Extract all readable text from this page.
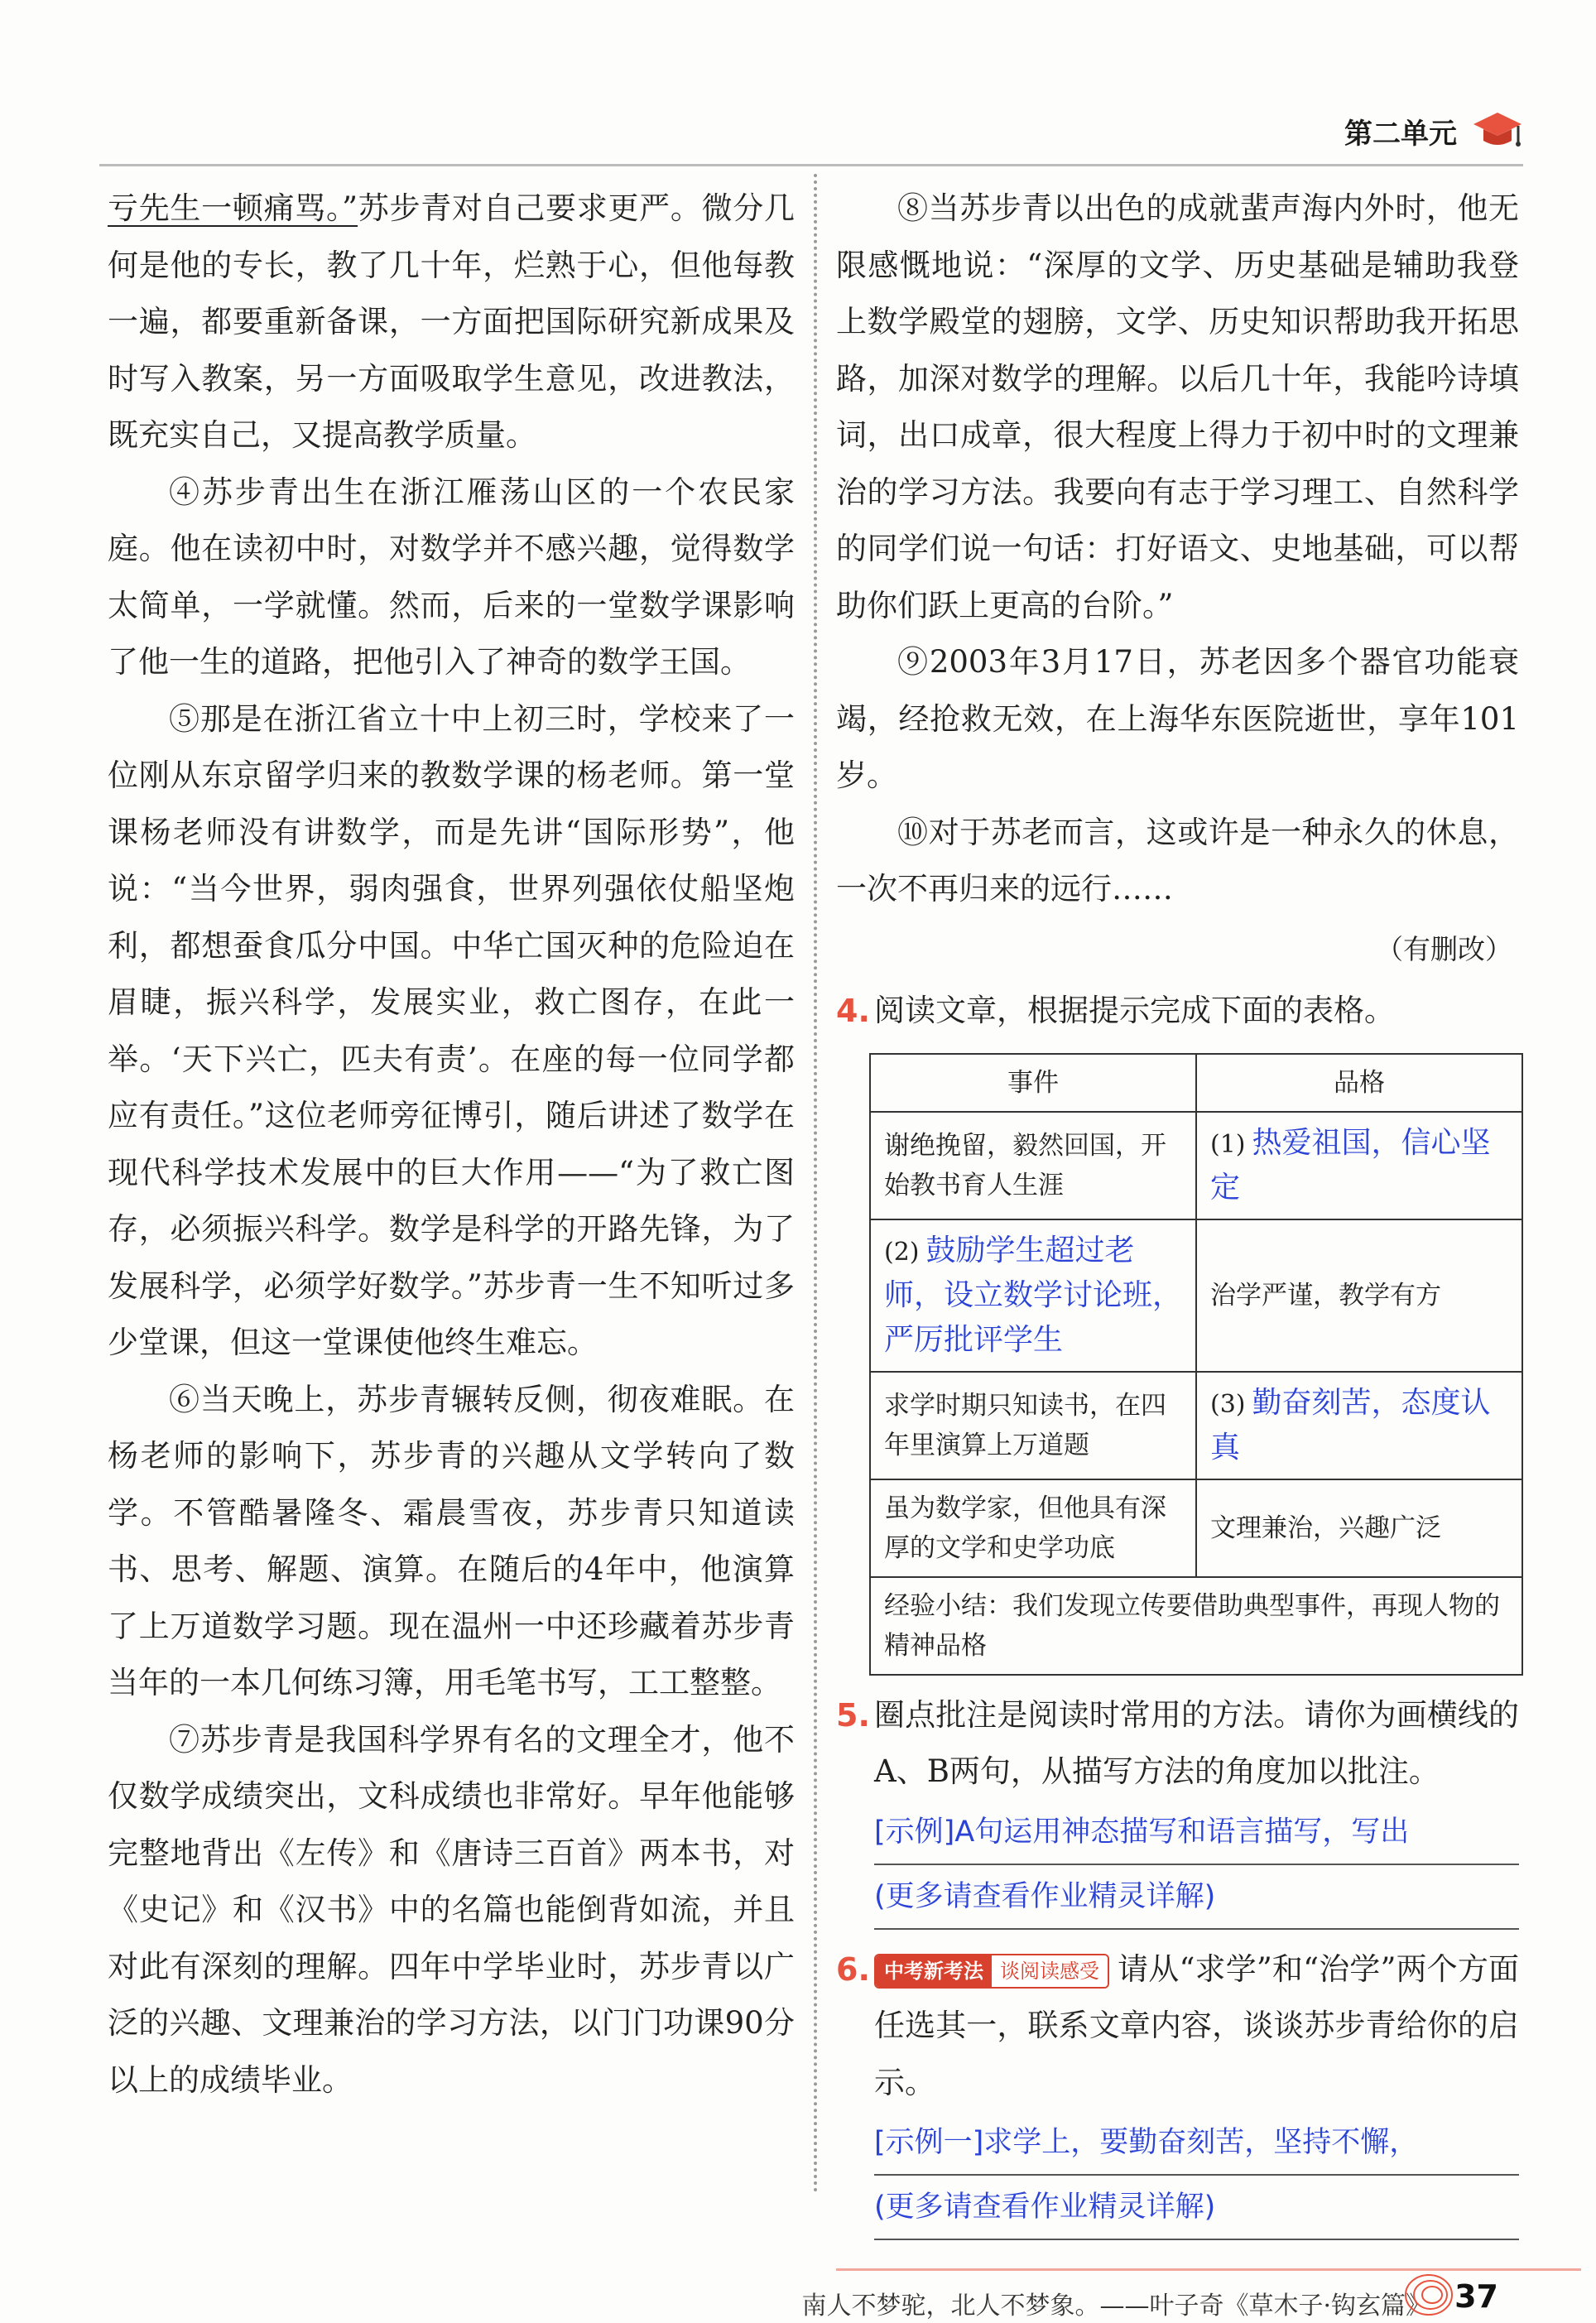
第二单元

亏先生一顿痛骂。”苏步青对自己要求更严。微分几何是他的专长，教了几十年，烂熟于心，但他每教一遍，都要重新备课，一方面把国际研究新成果及时写入教案，另一方面吸取学生意见，改进教法，既充实自己，又提高教学质量。

④苏步青出生在浙江雁荡山区的一个农民家庭。他在读初中时，对数学并不感兴趣，觉得数学太简单，一学就懂。然而，后来的一堂数学课影响了他一生的道路，把他引入了神奇的数学王国。

⑤那是在浙江省立十中上初三时，学校来了一位刚从东京留学归来的教数学课的杨老师。第一堂课杨老师没有讲数学，而是先讲“国际形势”，他说：“当今世界，弱肉强食，世界列强依仗船坚炮利，都想蚕食瓜分中国。中华亡国灭种的危险迫在眉睫，振兴科学，发展实业，救亡图存，在此一举。‘天下兴亡，匹夫有责’。在座的每一位同学都应有责任。”这位老师旁征博引，随后讲述了数学在现代科学技术发展中的巨大作用——“为了救亡图存，必须振兴科学。数学是科学的开路先锋，为了发展科学，必须学好数学。”苏步青一生不知听过多少堂课，但这一堂课使他终生难忘。

⑥当天晚上，苏步青辗转反侧，彻夜难眠。在杨老师的影响下，苏步青的兴趣从文学转向了数学。不管酷暑隆冬、霜晨雪夜，苏步青只知道读书、思考、解题、演算。在随后的4年中，他演算了上万道数学习题。现在温州一中还珍藏着苏步青当年的一本几何练习簿，用毛笔书写，工工整整。

⑦苏步青是我国科学界有名的文理全才，他不仅数学成绩突出，文科成绩也非常好。早年他能够完整地背出《左传》和《唐诗三百首》两本书，对《史记》和《汉书》中的名篇也能倒背如流，并且对此有深刻的理解。四年中学毕业时，苏步青以广泛的兴趣、文理兼治的学习方法，以门门功课90分以上的成绩毕业。

⑧当苏步青以出色的成就蜚声海内外时，他无限感慨地说：“深厚的文学、历史基础是辅助我登上数学殿堂的翅膀，文学、历史知识帮助我开拓思路，加深对数学的理解。以后几十年，我能吟诗填词，出口成章，很大程度上得力于初中时的文理兼治的学习方法。我要向有志于学习理工、自然科学的同学们说一句话：打好语文、史地基础，可以帮助你们跃上更高的台阶。”

⑨2003年3月17日，苏老因多个器官功能衰竭，经抢救无效，在上海华东医院逝世，享年101岁。

⑩对于苏老而言，这或许是一种永久的休息，一次不再归来的远行……

（有删改）
4. 阅读文章，根据提示完成下面的表格。
事件	品格
谢绝挽留，毅然回国，开始教书育人生涯	(1) 热爱祖国，信心坚定
(2) 鼓励学生超过老师，设立数学讨论班，严厉批评学生	治学严谨，教学有方
求学时期只知读书，在四年里演算上万道题	(3) 勤奋刻苦，态度认真
虽为数学家，但他具有深厚的文学和史学功底	文理兼治，兴趣广泛
经验小结：我们发现立传要借助典型事件，再现人物的精神品格	
5. 圈点批注是阅读时常用的方法。请你为画横线的A、B两句，从描写方法的角度加以批注。
[示例]A句运用神态描写和语言描写，写出
(更多请查看作业精灵详解)
6. 中考新考法 谈阅读感受 请从“求学”和“治学”两个方面任选其一，联系文章内容，谈谈苏步青给你的启示。
[示例一]求学上，要勤奋刻苦，坚持不懈，
(更多请查看作业精灵详解)
南人不梦驼，北人不梦象。——叶子奇《草木子·钩玄篇》 37
